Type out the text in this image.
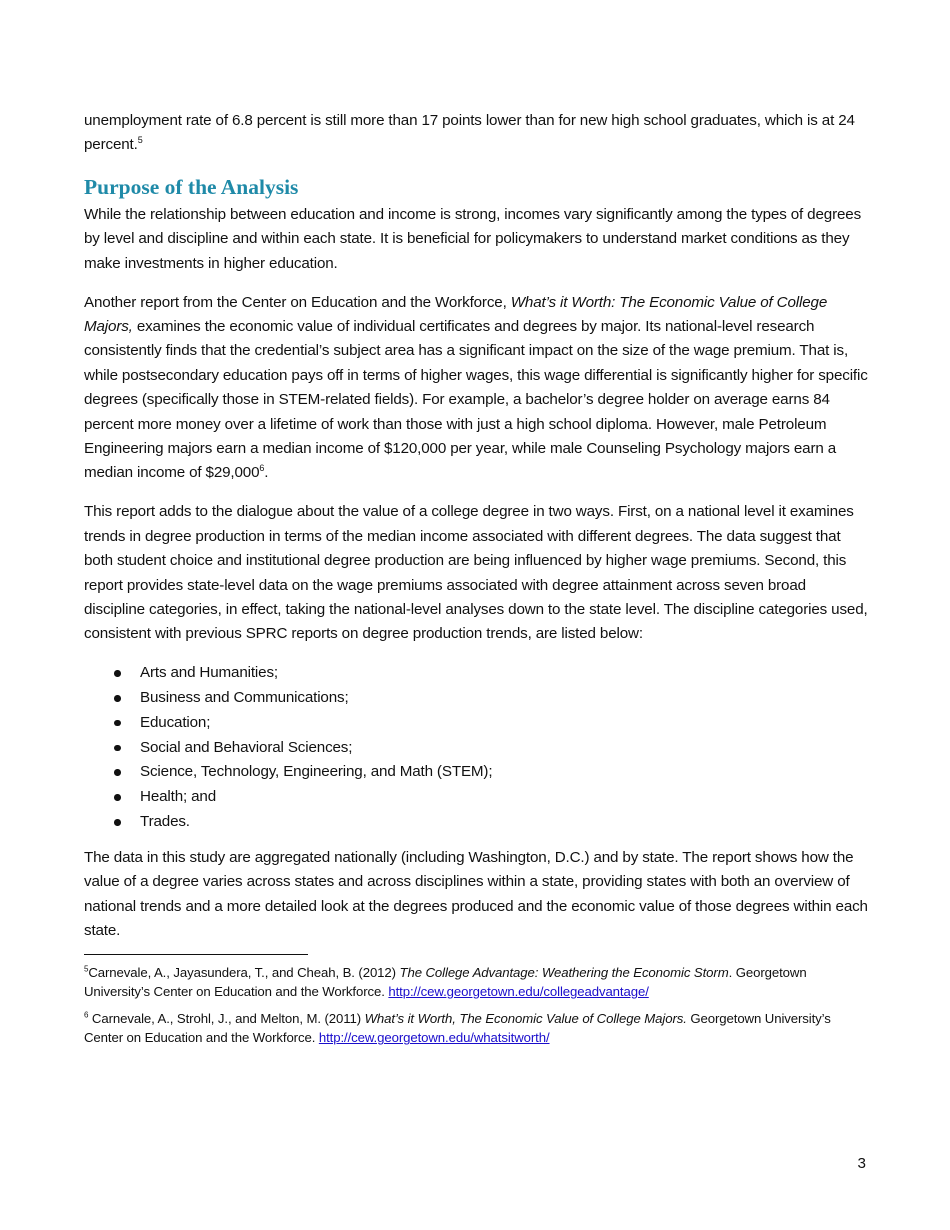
unemployment rate of 6.8 percent is still more than 17 points lower than for new high school graduates, which is at 24 percent.$^5$

Purpose of the Analysis

While the relationship between education and income is strong, incomes vary significantly among the types of degrees by level and discipline and within each state. It is beneficial for policymakers to understand market conditions as they make investments in higher education.

Another report from the Center on Education and the Workforce, What’s it Worth: The Economic Value of College Majors, examines the economic value of individual certificates and degrees by major. Its national-level research consistently finds that the credential’s subject area has a significant impact on the size of the wage premium. That is, while postsecondary education pays off in terms of higher wages, this wage differential is significantly higher for specific degrees (specifically those in STEM-related fields). For example, a bachelor’s degree holder on average earns 84 percent more money over a lifetime of work than those with just a high school diploma. However, male Petroleum Engineering majors earn a median income of $120,000 per year, while male Counseling Psychology majors earn a median income of $29,000$^6$.

This report adds to the dialogue about the value of a college degree in two ways. First, on a national level it examines trends in degree production in terms of the median income associated with different degrees. The data suggest that both student choice and institutional degree production are being influenced by higher wage premiums. Second, this report provides state-level data on the wage premiums associated with degree attainment across seven broad discipline categories, in effect, taking the national-level analyses down to the state level. The discipline categories used, consistent with previous SPRC reports on degree production trends, are listed below:

Arts and Humanities;
Business and Communications;
Education;
Social and Behavioral Sciences;
Science, Technology, Engineering, and Math (STEM);
Health; and
Trades.

The data in this study are aggregated nationally (including Washington, D.C.) and by state. The report shows how the value of a degree varies across states and across disciplines within a state, providing states with both an overview of national trends and a more detailed look at the degrees produced and the economic value of those degrees within each state.

$^5$Carnevale, A., Jayasundera, T., and Cheah, B. (2012) The College Advantage: Weathering the Economic Storm. Georgetown University’s Center on Education and the Workforce. http://cew.georgetown.edu/collegeadvantage/

$^6$ Carnevale, A., Strohl, J., and Melton, M. (2011) What’s it Worth, The Economic Value of College Majors. Georgetown University’s Center on Education and the Workforce. http://cew.georgetown.edu/whatsitworth/

3
